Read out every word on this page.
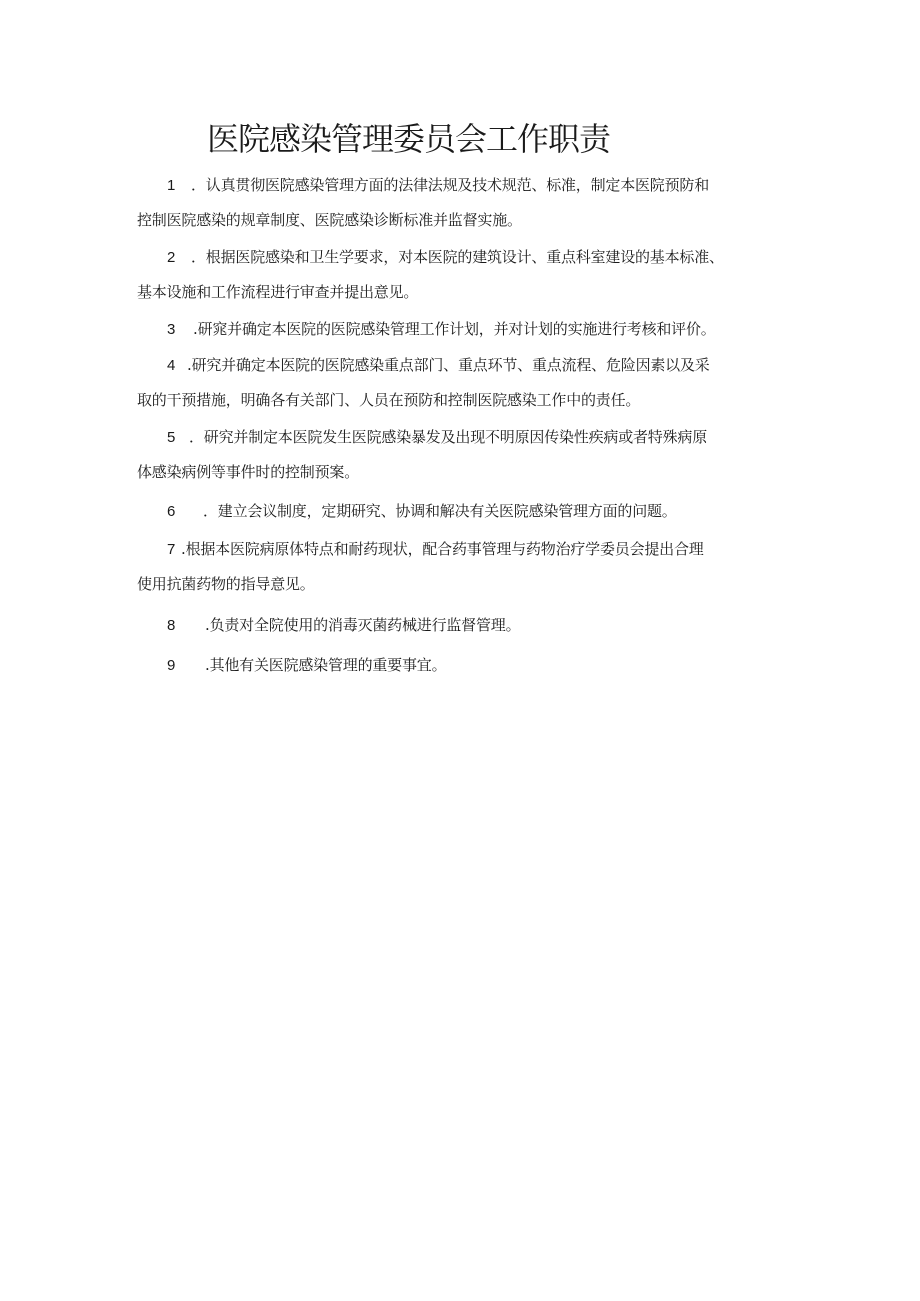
医院感染管理委员会工作职责
1 ．认真贯彻医院感染管理方面的法律法规及技术规范、标准，制定本医院预防和
控制医院感染的规章制度、医院感染诊断标准并监督实施。
2 ．根据医院感染和卫生学要求，对本医院的建筑设计、重点科室建设的基本标准、
基本设施和工作流程进行审查并提出意见。
3 .研窕并确定本医院的医院感染管理工作计划，并对计划的实施进行考核和评价。
4 .研究并确定本医院的医院感染重点部门、重点环节、重点流程、危险因素以及采
取的干预措施，明确各有关部门、人员在预防和控制医院感染工作中的责任。
5 ．研究并制定本医院发生医院感染暴发及出现不明原因传染性疾病或者特殊病原
体感染病例等事件时的控制预案。
6 ．建立会议制度，定期研究、协调和解决有关医院感染管理方面的问题。
7 .根据本医院病原体特点和耐药现状，配合药事管理与药物治疗学委员会提出合理
使用抗菌药物的指导意见。
8 .负责对全院使用的消毒灭菌药械进行监督管理。
9 .其他有关医院感染管理的重要事宜。
